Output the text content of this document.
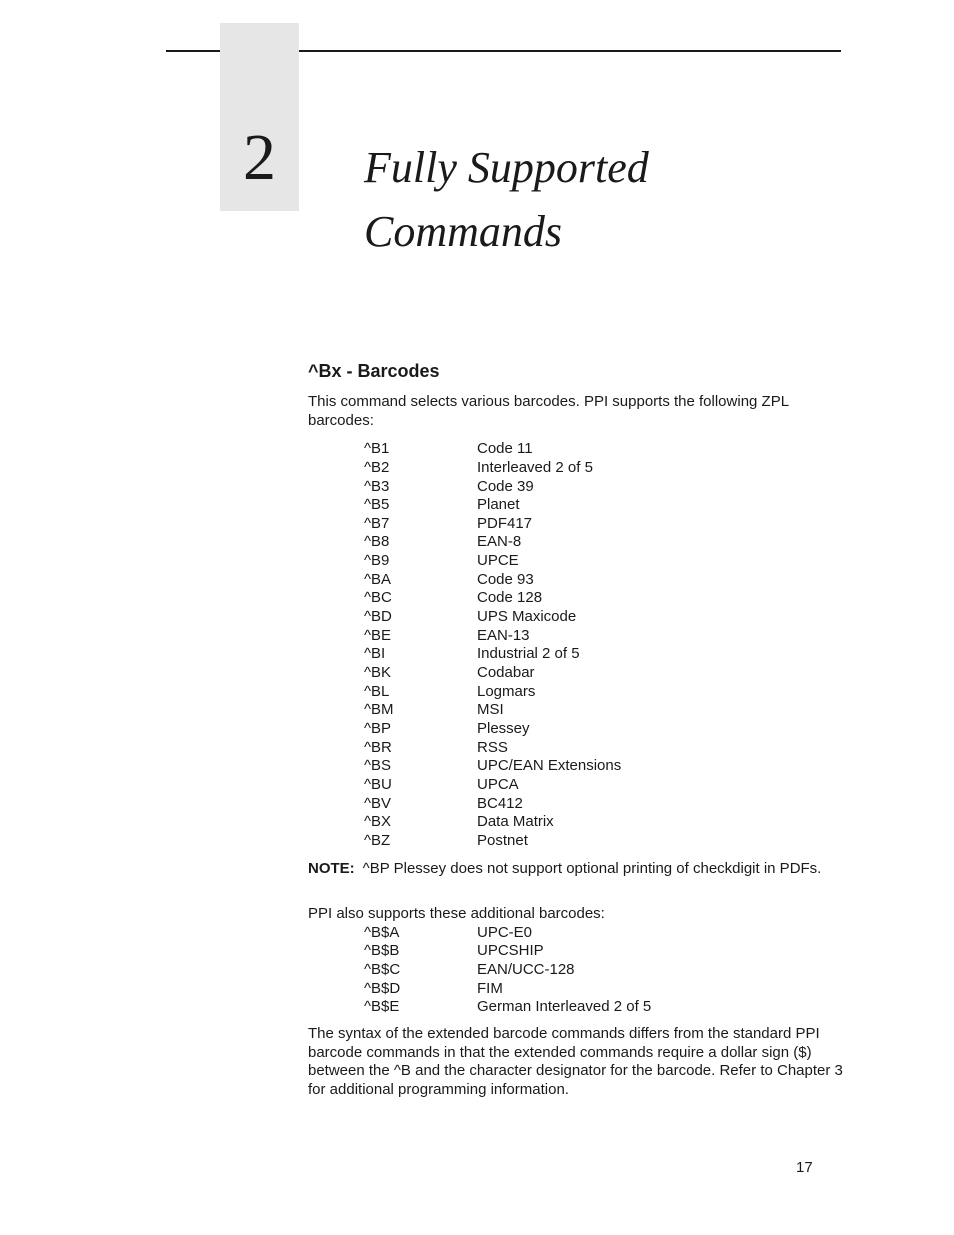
2	Fully Supported
Commands
^Bx - Barcodes

This command selects various barcodes. PPI supports the following ZPL barcodes:

^B1	Code 11
^B2	Interleaved 2 of 5
^B3	Code 39
^B5	Planet
^B7	PDF417
^B8	EAN-8
^B9	UPCE
^BA	Code 93
^BC	Code 128
^BD	UPS Maxicode
^BE	EAN-13
^BI	Industrial 2 of 5
^BK	Codabar
^BL	Logmars
^BM	MSI
^BP	Plessey
^BR	RSS
^BS	UPC/EAN Extensions
^BU	UPCA
^BV	BC412
^BX	Data Matrix
^BZ	Postnet

NOTE: ^BP Plessey does not support optional printing of checkdigit in PDFs.

PPI also supports these additional barcodes:

^B$A	UPC-E0
^B$B	UPCSHIP
^B$C	EAN/UCC-128
^B$D	FIM
^B$E	German Interleaved 2 of 5

The syntax of the extended barcode commands differs from the standard PPI barcode commands in that the extended commands require a dollar sign ($) between the ^B and the character designator for the barcode. Refer to Chapter 3 for additional programming information.

17
